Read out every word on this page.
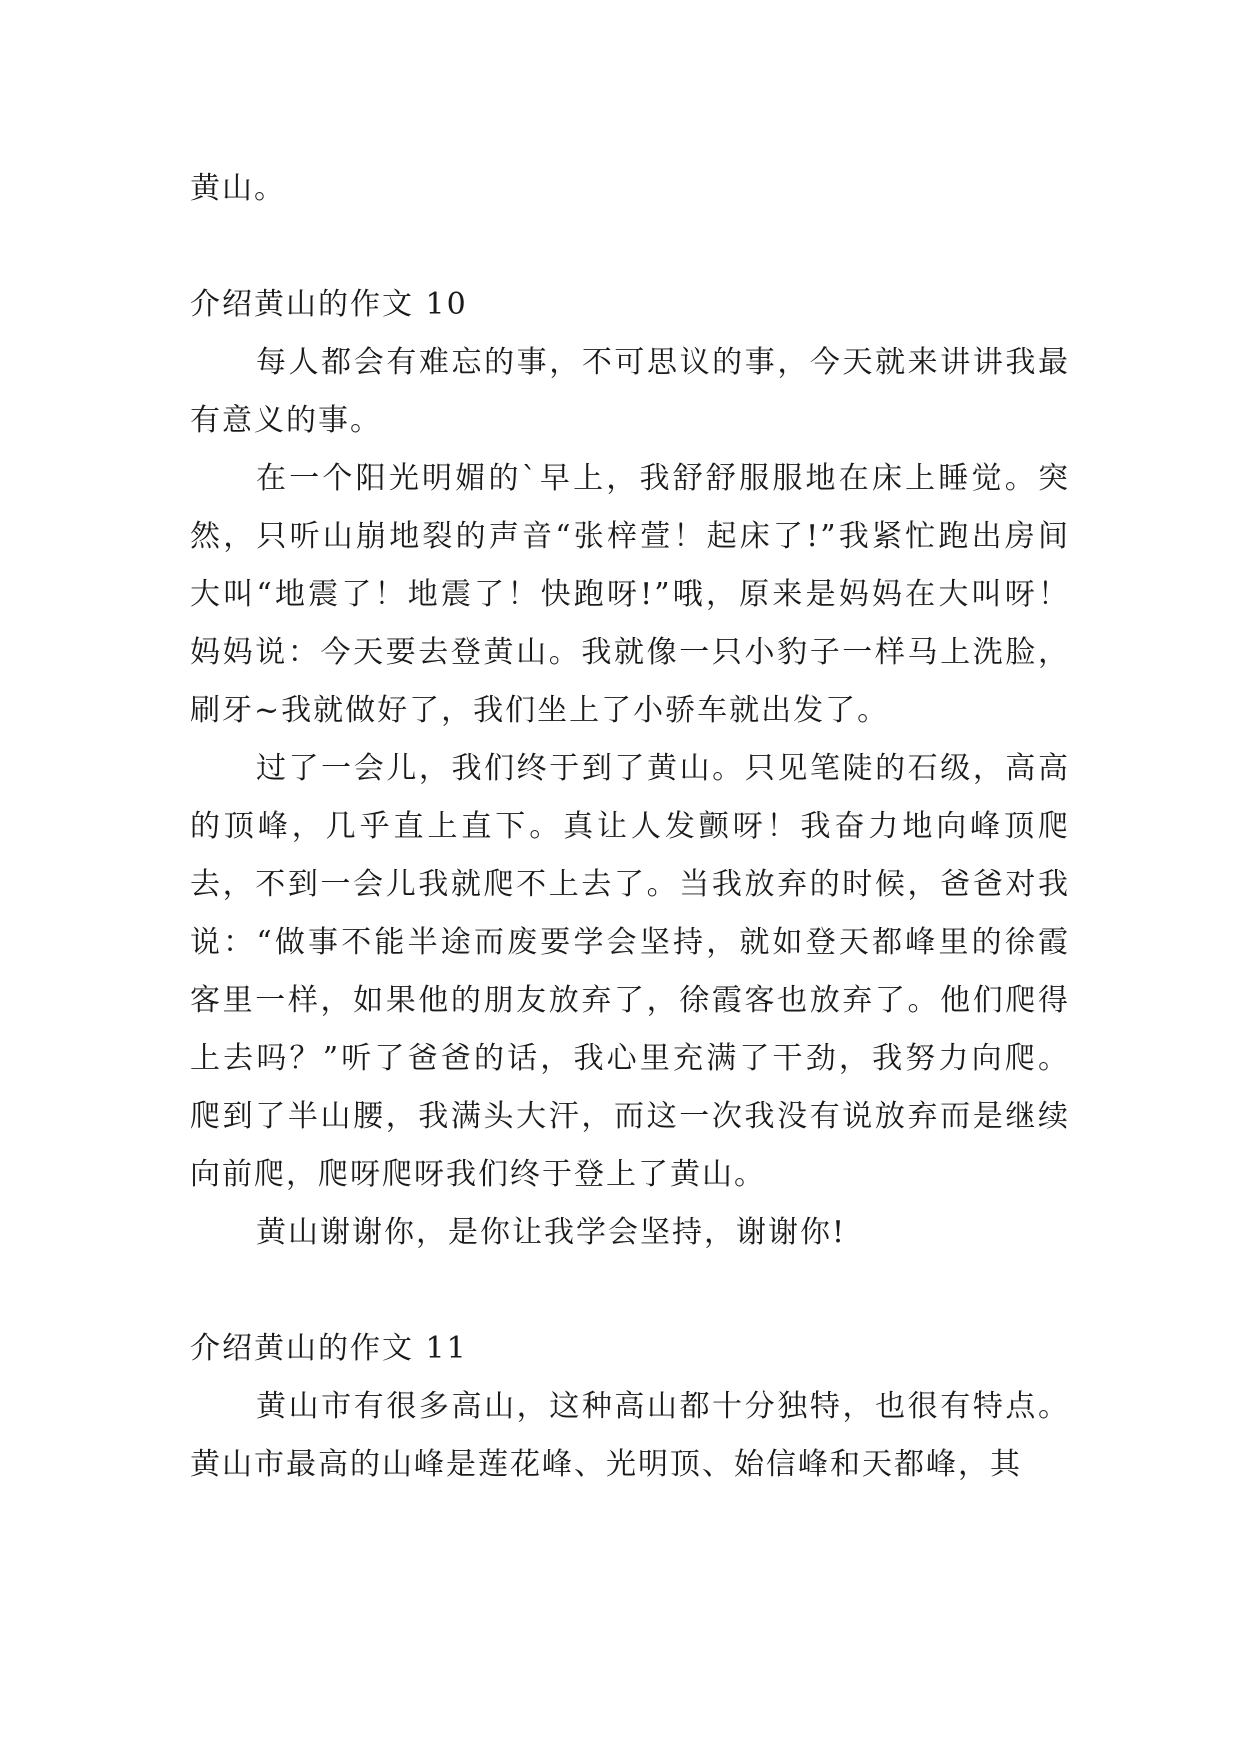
黄山。

介绍黄山的作文 10

每人都会有难忘的事，不可思议的事，今天就来讲讲我最有意义的事。

在一个阳光明媚的`早上，我舒舒服服地在床上睡觉。突然，只听山崩地裂的声音“张梓萱！起床了!”我紧忙跑出房间大叫“地震了！地震了！快跑呀!”哦，原来是妈妈在大叫呀！妈妈说：今天要去登黄山。我就像一只小豹子一样马上洗脸，刷牙~我就做好了，我们坐上了小骄车就出发了。

过了一会儿，我们终于到了黄山。只见笔陡的石级，高高的顶峰，几乎直上直下。真让人发颤呀！我奋力地向峰顶爬去，不到一会儿我就爬不上去了。当我放弃的时候，爸爸对我说：“做事不能半途而废要学会坚持，就如登天都峰里的徐霞客里一样，如果他的朋友放弃了，徐霞客也放弃了。他们爬得上去吗？”听了爸爸的话，我心里充满了干劲，我努力向爬。爬到了半山腰，我满头大汗，而这一次我没有说放弃而是继续向前爬，爬呀爬呀我们终于登上了黄山。

黄山谢谢你，是你让我学会坚持，谢谢你!

介绍黄山的作文 11

黄山市有很多高山，这种高山都十分独特，也很有特点。黄山市最高的山峰是莲花峰、光明顶、始信峰和天都峰，其
